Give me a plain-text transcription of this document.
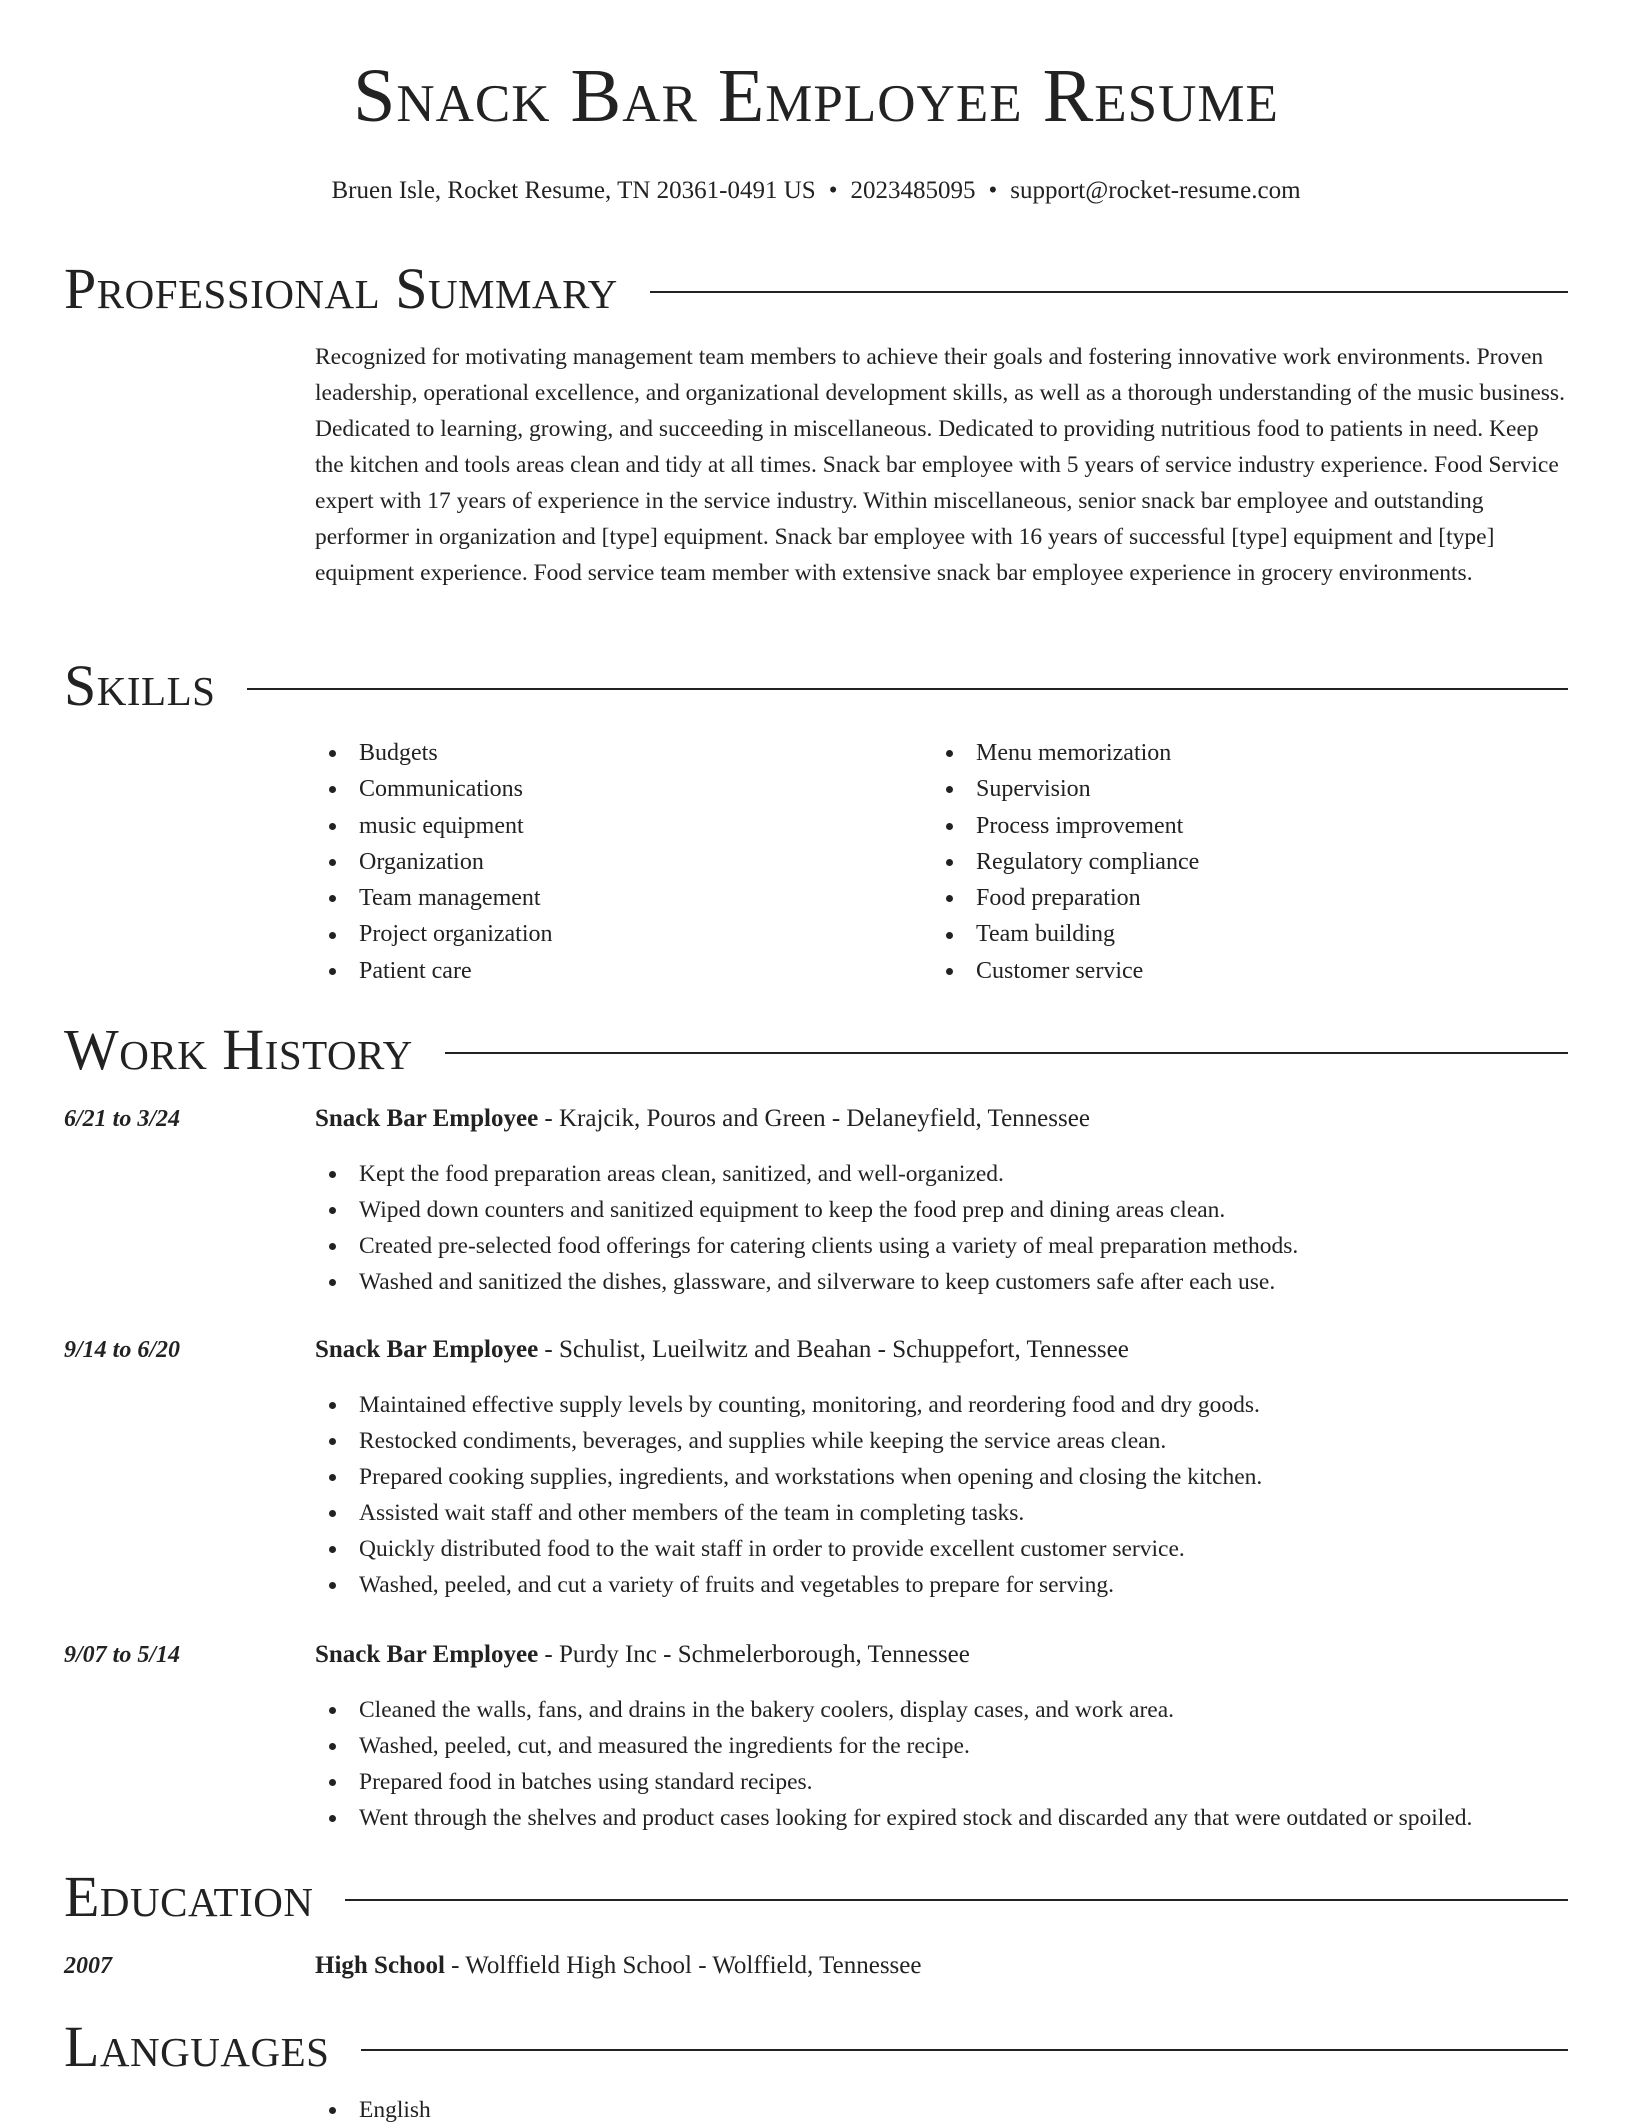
Snack Bar Employee Resume
Bruen Isle, Rocket Resume, TN 20361-0491 US • 2023485095 • support@rocket-resume.com
Professional Summary

Recognized for motivating management team members to achieve their goals and fostering innovative work environments. Proven leadership, operational excellence, and organizational development skills, as well as a thorough understanding of the music business. Dedicated to learning, growing, and succeeding in miscellaneous. Dedicated to providing nutritious food to patients in need. Keep the kitchen and tools areas clean and tidy at all times. Snack bar employee with 5 years of service industry experience. Food Service expert with 17 years of experience in the service industry. Within miscellaneous, senior snack bar employee and outstanding performer in organization and [type] equipment. Snack bar employee with 16 years of successful [type] equipment and [type] equipment experience. Food service team member with extensive snack bar employee experience in grocery environments.

Skills
Budgets
Communications
music equipment
Organization
Team management
Project organization
Patient care
Menu memorization
Supervision
Process improvement
Regulatory compliance
Food preparation
Team building
Customer service
Work History
6/21 to 3/24	Snack Bar Employee - Krajcik, Pouros and Green - Delaneyfield, Tennessee
Kept the food preparation areas clean, sanitized, and well-organized.
Wiped down counters and sanitized equipment to keep the food prep and dining areas clean.
Created pre-selected food offerings for catering clients using a variety of meal preparation methods.
Washed and sanitized the dishes, glassware, and silverware to keep customers safe after each use.
9/14 to 6/20	Snack Bar Employee - Schulist, Lueilwitz and Beahan - Schuppefort, Tennessee
Maintained effective supply levels by counting, monitoring, and reordering food and dry goods.
Restocked condiments, beverages, and supplies while keeping the service areas clean.
Prepared cooking supplies, ingredients, and workstations when opening and closing the kitchen.
Assisted wait staff and other members of the team in completing tasks.
Quickly distributed food to the wait staff in order to provide excellent customer service.
Washed, peeled, and cut a variety of fruits and vegetables to prepare for serving.
9/07 to 5/14	Snack Bar Employee - Purdy Inc - Schmelerborough, Tennessee
Cleaned the walls, fans, and drains in the bakery coolers, display cases, and work area.
Washed, peeled, cut, and measured the ingredients for the recipe.
Prepared food in batches using standard recipes.
Went through the shelves and product cases looking for expired stock and discarded any that were outdated or spoiled.
Education
2007	High School - Wolffield High School - Wolffield, Tennessee
Languages
English
